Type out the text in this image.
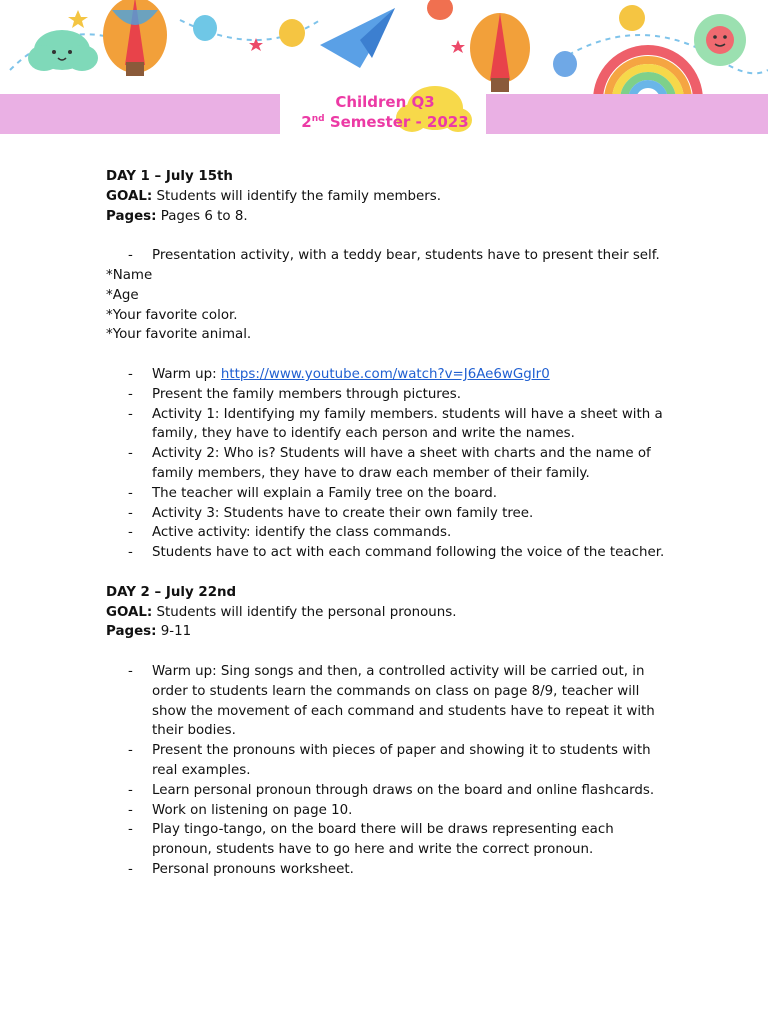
Children Q3
2nd Semester - 2023

DAY 1 – July 15th

GOAL: Students will identify the family members.

Pages: Pages 6 to 8.

- Presentation activity, with a teddy bear, students have to present their self.

*Name

*Age

*Your favorite color.

*Your favorite animal.

- Warm up: https://www.youtube.com/watch?v=J6Ae6wGgIr0
- Present the family members through pictures.
- Activity 1: Identifying my family members. students will have a sheet with a family, they have to identify each person and write the names.
- Activity 2: Who is? Students will have a sheet with charts and the name of family members, they have to draw each member of their family.
- The teacher will explain a Family tree on the board.
- Activity 3: Students have to create their own family tree.
- Active activity: identify the class commands.
- Students have to act with each command following the voice of the teacher.

DAY 2 – July 22nd

GOAL: Students will identify the personal pronouns.

Pages: 9-11

- Warm up: Sing songs and then, a controlled activity will be carried out, in order to students learn the commands on class on page 8/9, teacher will show the movement of each command and students have to repeat it with their bodies.
- Present the pronouns with pieces of paper and showing it to students with real examples.
- Learn personal pronoun through draws on the board and online flashcards.
- Work on listening on page 10.
- Play tingo-tango, on the board there will be draws representing each pronoun, students have to go here and write the correct pronoun.
- Personal pronouns worksheet.
